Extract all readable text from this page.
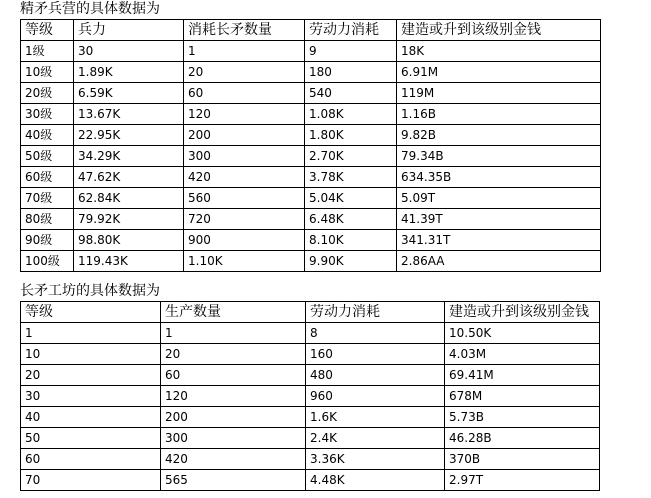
精矛兵营的具体数据为
等级	兵力	消耗长矛数量	劳动力消耗	建造或升到该级别金钱
1级	30	1	9	18K
10级	1.89K	20	180	6.91M
20级	6.59K	60	540	119M
30级	13.67K	120	1.08K	1.16B
40级	22.95K	200	1.80K	9.82B
50级	34.29K	300	2.70K	79.34B
60级	47.62K	420	3.78K	634.35B
70级	62.84K	560	5.04K	5.09T
80级	79.92K	720	6.48K	41.39T
90级	98.80K	900	8.10K	341.31T
100级	119.43K	1.10K	9.90K	2.86AA
长矛工坊的具体数据为
等级	生产数量	劳动力消耗	建造或升到该级别金钱
1	1	8	10.50K
10	20	160	4.03M
20	60	480	69.41M
30	120	960	678M
40	200	1.6K	5.73B
50	300	2.4K	46.28B
60	420	3.36K	370B
70	565	4.48K	2.97T
